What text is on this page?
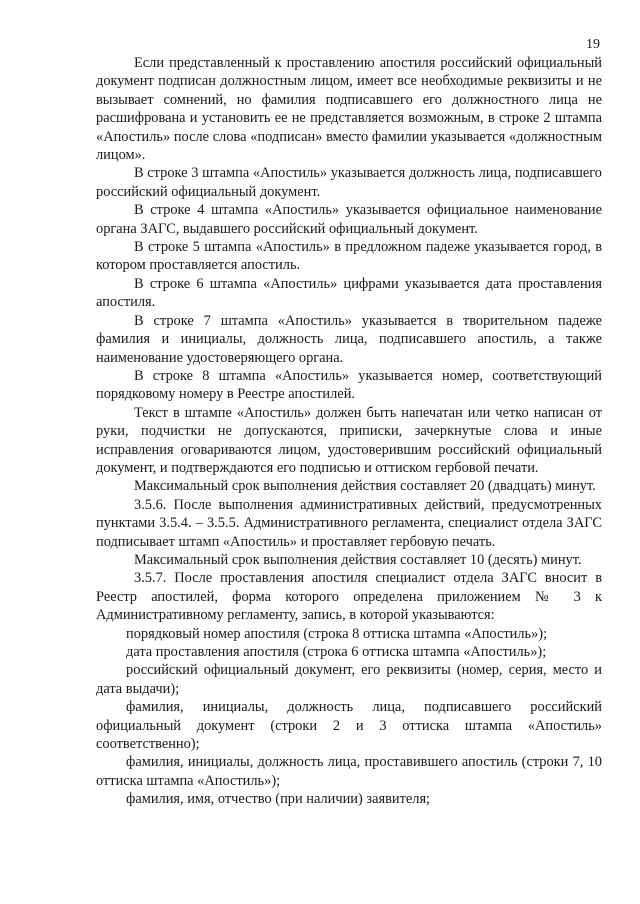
19

Если представленный к проставлению апостиля российский официальный документ подписан должностным лицом, имеет все необходимые реквизиты и не вызывает сомнений, но фамилия подписавшего его должностного лица не расшифрована и установить ее не представляется возможным, в строке 2 штампа «Апостиль» после слова «подписан» вместо фамилии указывается «должностным лицом».

В строке 3 штампа «Апостиль» указывается должность лица, подписавшего российский официальный документ.

В строке 4 штампа «Апостиль» указывается официальное наименование органа ЗАГС, выдавшего российский официальный документ.

В строке 5 штампа «Апостиль» в предложном падеже указывается город, в котором проставляется апостиль.

В строке 6 штампа «Апостиль» цифрами указывается дата проставления апостиля.

В строке 7 штампа «Апостиль» указывается в творительном падеже фамилия и инициалы, должность лица, подписавшего апостиль, а также наименование удостоверяющего органа.

В строке 8 штампа «Апостиль» указывается номер, соответствующий порядковому номеру в Реестре апостилей.

Текст в штампе «Апостиль» должен быть напечатан или четко написан от руки, подчистки не допускаются, приписки, зачеркнутые слова и иные исправления оговариваются лицом, удостоверившим российский официальный документ, и подтверждаются его подписью и оттиском гербовой печати.

Максимальный срок выполнения действия составляет 20 (двадцать) минут.

3.5.6. После выполнения административных действий, предусмотренных пунктами 3.5.4. – 3.5.5. Административного регламента, специалист отдела ЗАГС подписывает штамп «Апостиль» и проставляет гербовую печать.

Максимальный срок выполнения действия составляет 10 (десять) минут.

3.5.7. После проставления апостиля специалист отдела ЗАГС вносит в Реестр апостилей, форма которого определена приложением № 3 к Административному регламенту, запись, в которой указываются:

порядковый номер апостиля (строка 8 оттиска штампа «Апостиль»);

дата проставления апостиля (строка 6 оттиска штампа «Апостиль»);

российский официальный документ, его реквизиты (номер, серия, место и дата выдачи);

фамилия, инициалы, должность лица, подписавшего российский официальный документ (строки 2 и 3 оттиска штампа «Апостиль» соответственно);

фамилия, инициалы, должность лица, проставившего апостиль (строки 7, 10 оттиска штампа «Апостиль»);

фамилия, имя, отчество (при наличии) заявителя;
